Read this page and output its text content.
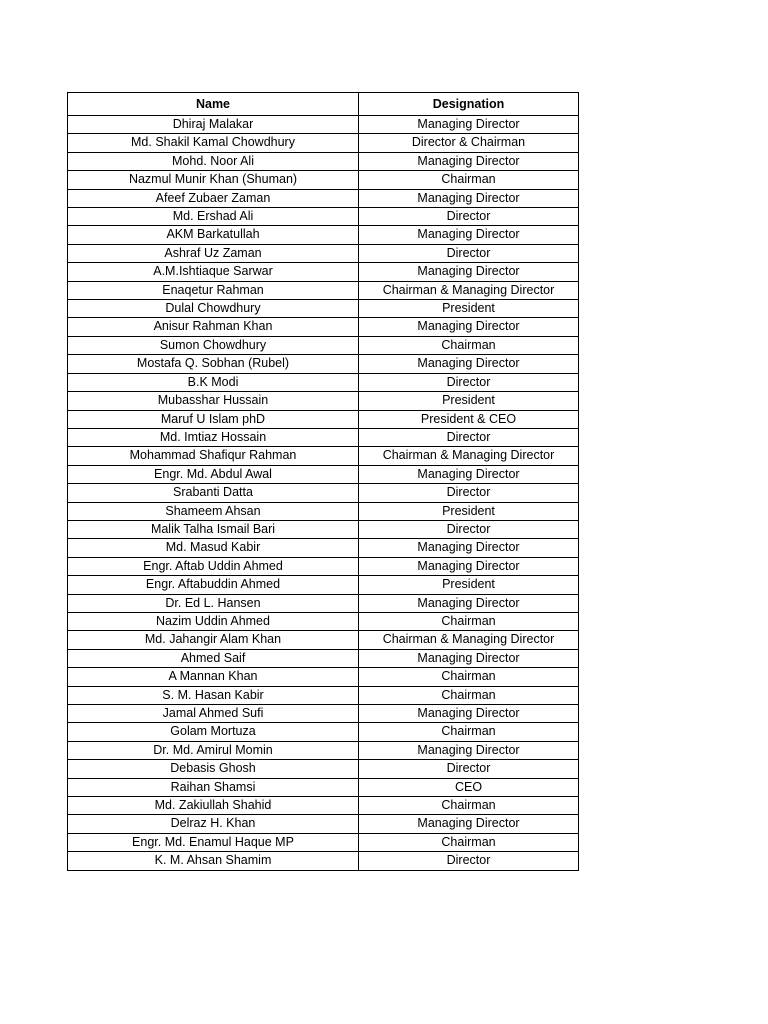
Name	Designation
Dhiraj Malakar	Managing Director
Md. Shakil Kamal Chowdhury	Director & Chairman
Mohd. Noor Ali	Managing Director
Nazmul Munir Khan (Shuman)	Chairman
Afeef Zubaer Zaman	Managing Director
Md. Ershad Ali	Director
AKM Barkatullah	Managing Director
Ashraf Uz Zaman	Director
A.M.Ishtiaque Sarwar	Managing Director
Enaqetur Rahman	Chairman & Managing Director
Dulal Chowdhury	President
Anisur Rahman Khan	Managing Director
Sumon Chowdhury	Chairman
Mostafa Q. Sobhan (Rubel)	Managing Director
B.K Modi	Director
Mubasshar Hussain	President
Maruf U Islam phD	President & CEO
Md. Imtiaz Hossain	Director
Mohammad Shafiqur Rahman	Chairman & Managing Director
Engr. Md. Abdul Awal	Managing Director
Srabanti Datta	Director
Shameem Ahsan	President
Malik Talha Ismail Bari	Director
Md. Masud Kabir	Managing Director
Engr. Aftab Uddin Ahmed	Managing Director
Engr. Aftabuddin Ahmed	President
Dr. Ed L. Hansen	Managing Director
Nazim Uddin Ahmed	Chairman
Md. Jahangir Alam Khan	Chairman & Managing Director
Ahmed Saif	Managing Director
A Mannan Khan	Chairman
S. M. Hasan Kabir	Chairman
Jamal Ahmed Sufi	Managing Director
Golam Mortuza	Chairman
Dr. Md. Amirul Momin	Managing Director
Debasis Ghosh	Director
Raihan Shamsi	CEO
Md. Zakiullah Shahid	Chairman
Delraz H. Khan	Managing Director
Engr. Md. Enamul Haque MP	Chairman
K. M. Ahsan Shamim	Director
